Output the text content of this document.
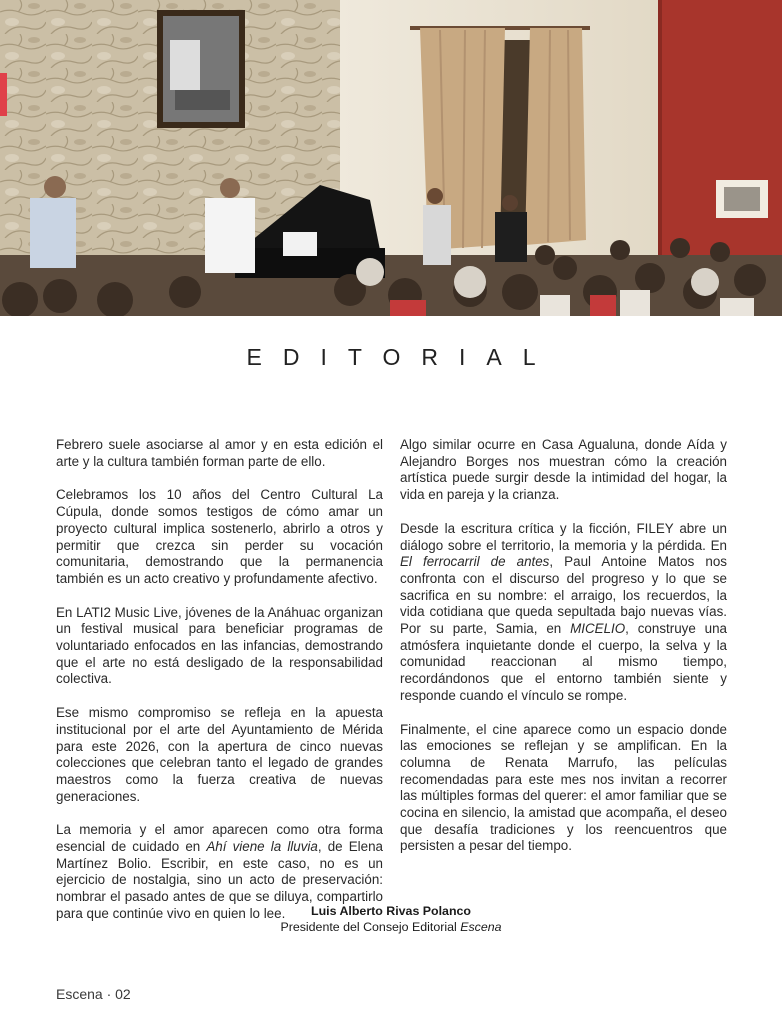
EDITORIAL

Febrero suele asociarse al amor y en esta edición el arte y la cultura también forman parte de ello.

Celebramos los 10 años del Centro Cultural La Cúpula, donde somos testigos de cómo amar un proyecto cultural implica sostenerlo, abrirlo a otros y permitir que crezca sin perder su vocación comunitaria, demostrando que la permanencia también es un acto creativo y profundamente afectivo.

En LATI2 Music Live, jóvenes de la Anáhuac organizan un festival musical para beneficiar programas de voluntariado enfocados en las infancias, demostrando que el arte no está desligado de la responsabilidad colectiva.

Ese mismo compromiso se refleja en la apuesta institucional por el arte del Ayuntamiento de Mérida para este 2026, con la apertura de cinco nuevas colecciones que celebran tanto el legado de grandes maestros como la fuerza creativa de nuevas generaciones.

La memoria y el amor aparecen como otra forma esencial de cuidado en Ahí viene la lluvia, de Elena Martínez Bolio. Escribir, en este caso, no es un ejercicio de nostalgia, sino un acto de preservación: nombrar el pasado antes de que se diluya, compartirlo para que continúe vivo en quien lo lee.

Algo similar ocurre en Casa Agualuna, donde Aída y Alejandro Borges nos muestran cómo la creación artística puede surgir desde la intimidad del hogar, la vida en pareja y la crianza.

Desde la escritura crítica y la ficción, FILEY abre un diálogo sobre el territorio, la memoria y la pérdida. En El ferrocarril de antes, Paul Antoine Matos nos confronta con el discurso del progreso y lo que se sacrifica en su nombre: el arraigo, los recuerdos, la vida cotidiana que queda sepultada bajo nuevas vías. Por su parte, Samia, en MICELIO, construye una atmósfera inquietante donde el cuerpo, la selva y la comunidad reaccionan al mismo tiempo, recordándonos que el entorno también siente y responde cuando el vínculo se rompe.

Finalmente, el cine aparece como un espacio donde las emociones se reflejan y se amplifican. En la columna de Renata Marrufo, las películas recomendadas para este mes nos invitan a recorrer las múltiples formas del querer: el amor familiar que se cocina en silencio, la amistad que acompaña, el deseo que desafía tradiciones y los reencuentros que persisten a pesar del tiempo.

Luis Alberto Rivas Polanco
Presidente del Consejo Editorial Escena
Escena · 02
